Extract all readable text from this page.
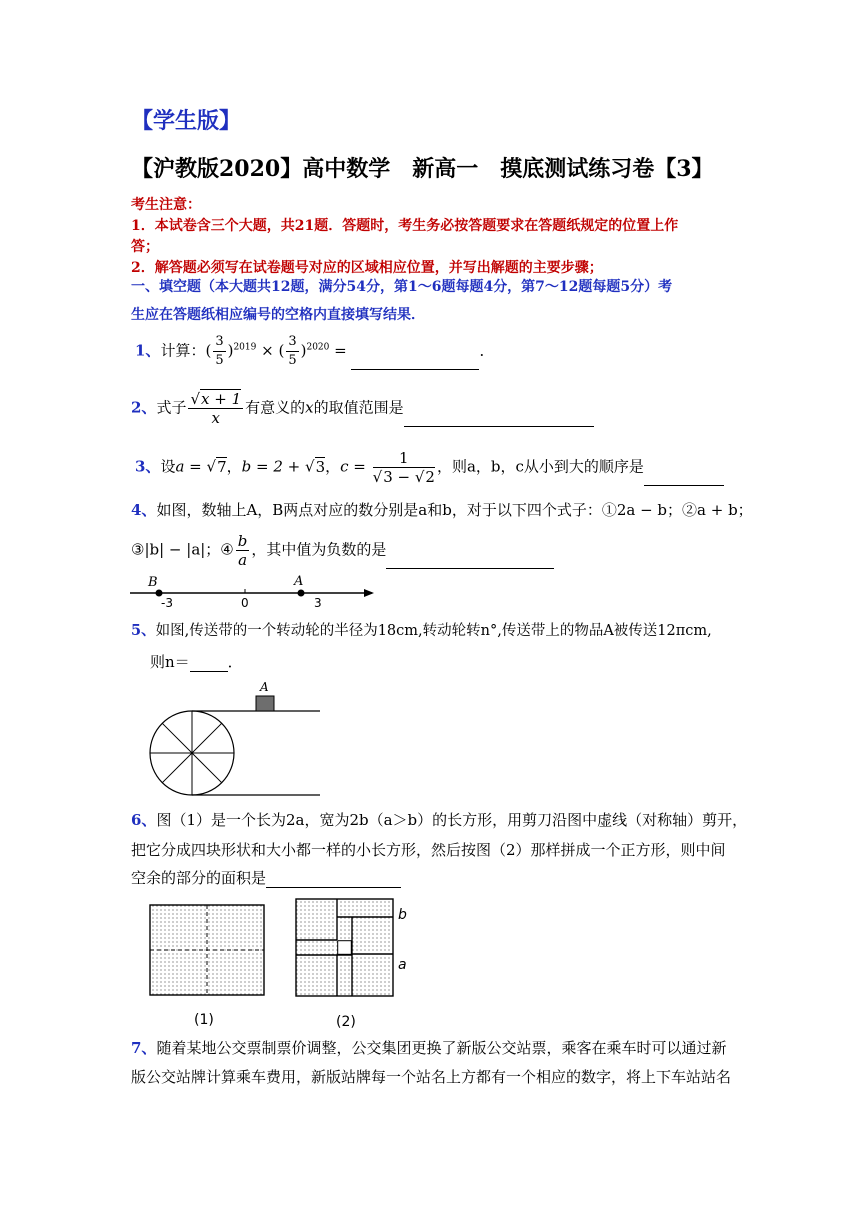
【学生版】
【沪教版2020】高中数学　新高一　摸底测试练习卷【3】
考生注意：
1．本试卷含三个大题，共21题．答题时，考生务必按答题要求在答题纸规定的位置上作
答；
2．解答题必须写在试卷题号对应的区域相应位置，并写出解题的主要步骤；
一、填空题（本大题共12题，满分54分，第1～6题每题4分，第7～12题每题5分）考
生应在答题纸相应编号的空格内直接填写结果．
1、计算：( $\frac{3}{5} )^{2019}$ × ( $\frac{3}{5} )^{2020}$ =	．
2、式子 $\frac{√x + 1}{x}$ 有意义的x的取值范围是
3、设a = √7，b = 2 + √3，$c = \frac{1}{√3 - √2}$ ，则a，b，c从小到大的顺序是
4、如图，数轴上A，B两点对应的数分别是a和b，对于以下四个式子：①2a − b；②a + b；
③|b| − |a|；④ $\frac{b}{a}$ ，其中值为负数的是
B	A
-3	0	3
5、如图,传送带的一个转动轮的半径为18cm,转动轮转n°,传送带上的物品A被传送12πcm,
则n＝	．
A
6、图（1）是一个长为2a，宽为2b（a＞b）的长方形，用剪刀沿图中虚线（对称轴）剪开，
把它分成四块形状和大小都一样的小长方形，然后按图（2）那样拼成一个正方形，则中间
空余的部分的面积是
(1)
b
a
(2)
7、随着某地公交票制票价调整，公交集团更换了新版公交站票，乘客在乘车时可以通过新
版公交站牌计算乘车费用，新版站牌每一个站名上方都有一个相应的数字，将上下车站站名
